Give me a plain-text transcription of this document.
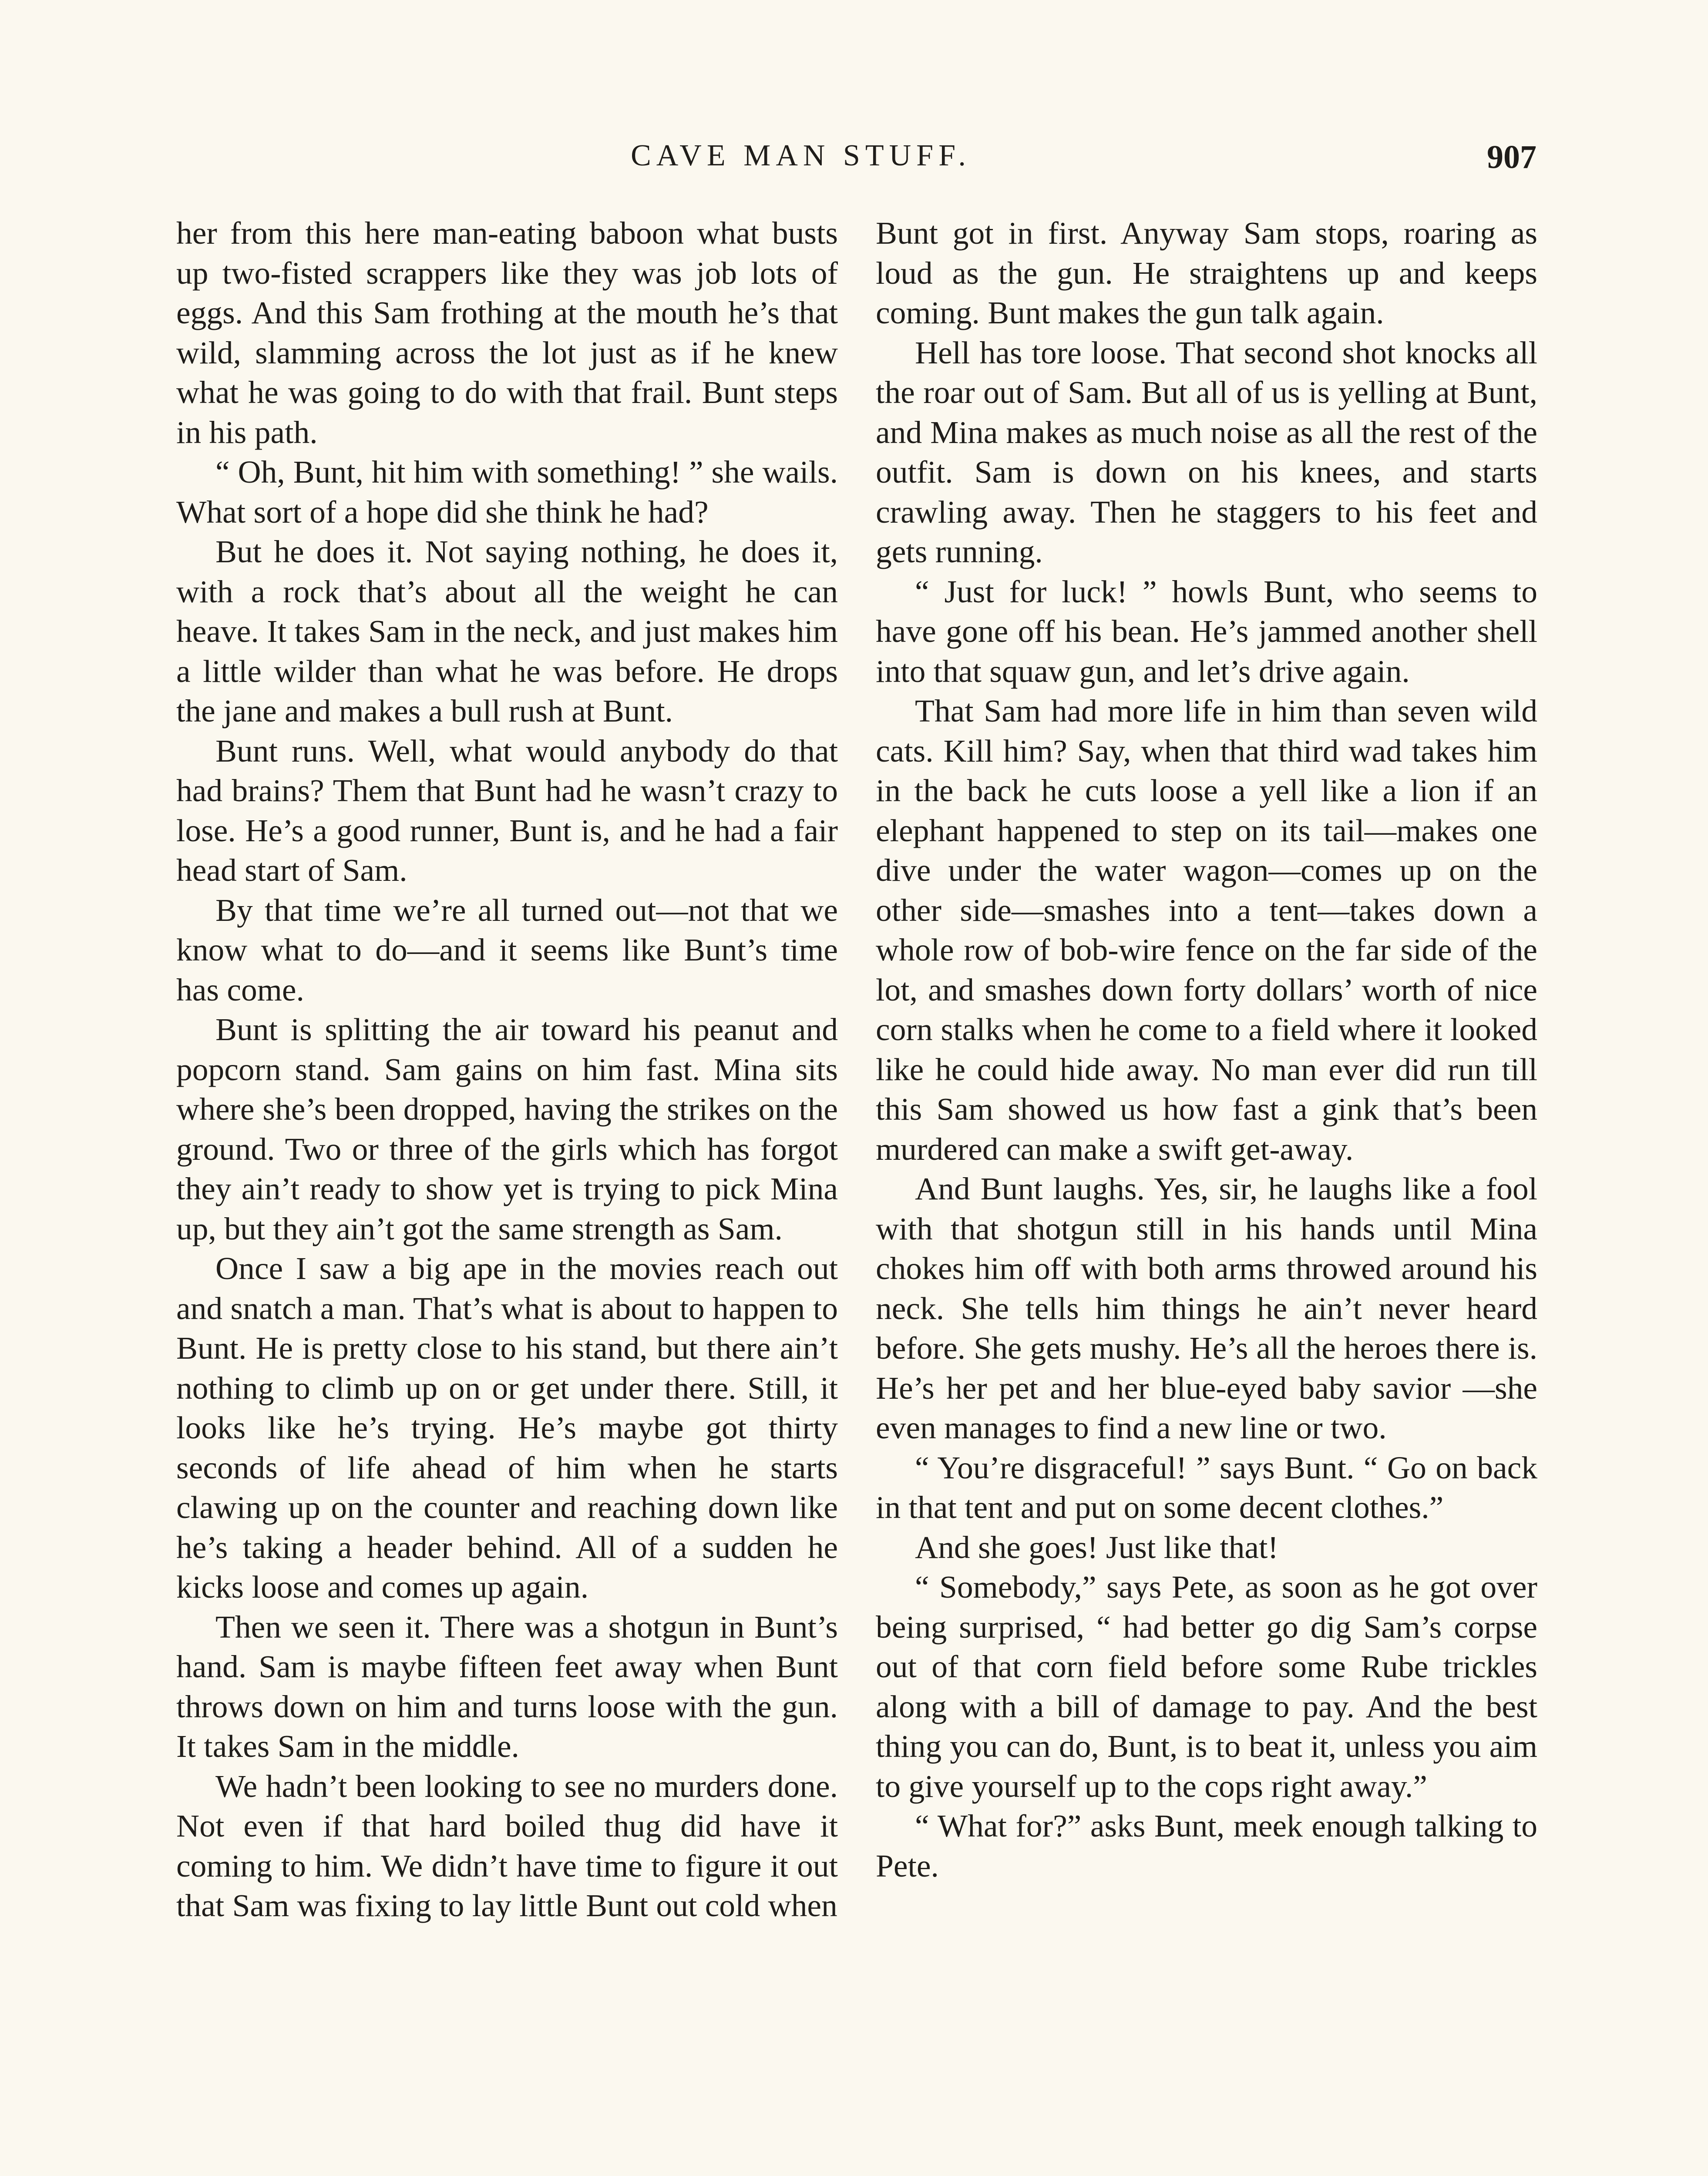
CAVE MAN STUFF.	907

her from this here man-eating baboon what busts up two-fisted scrappers like they was job lots of eggs. And this Sam frothing at the mouth he’s that wild, slamming across the lot just as if he knew what he was going to do with that frail. Bunt steps in his path.

“ Oh, Bunt, hit him with something! ” she wails. What sort of a hope did she think he had?

But he does it. Not saying nothing, he does it, with a rock that’s about all the weight he can heave. It takes Sam in the neck, and just makes him a little wilder than what he was before. He drops the jane and makes a bull rush at Bunt.

Bunt runs. Well, what would anybody do that had brains? Them that Bunt had he wasn’t crazy to lose. He’s a good runner, Bunt is, and he had a fair head start of Sam.

By that time we’re all turned out—not that we know what to do—and it seems like Bunt’s time has come.

Bunt is splitting the air toward his peanut and popcorn stand. Sam gains on him fast. Mina sits where she’s been dropped, having the strikes on the ground. Two or three of the girls which has forgot they ain’t ready to show yet is trying to pick Mina up, but they ain’t got the same strength as Sam.

Once I saw a big ape in the movies reach out and snatch a man. That’s what is about to happen to Bunt. He is pretty close to his stand, but there ain’t nothing to climb up on or get under there. Still, it looks like he’s trying. He’s maybe got thirty seconds of life ahead of him when he starts clawing up on the counter and reaching down like he’s taking a header behind. All of a sudden he kicks loose and comes up again.

Then we seen it. There was a shotgun in Bunt’s hand. Sam is maybe fifteen feet away when Bunt throws down on him and turns loose with the gun. It takes Sam in the middle.

We hadn’t been looking to see no murders done. Not even if that hard boiled thug did have it coming to him. We didn’t have time to figure it out that Sam was fixing to lay little Bunt out cold when

Bunt got in first. Anyway Sam stops, roaring as loud as the gun. He straightens up and keeps coming. Bunt makes the gun talk again.

Hell has tore loose. That second shot knocks all the roar out of Sam. But all of us is yelling at Bunt, and Mina makes as much noise as all the rest of the outfit. Sam is down on his knees, and starts crawling away. Then he staggers to his feet and gets running.

“ Just for luck! ” howls Bunt, who seems to have gone off his bean. He’s jammed another shell into that squaw gun, and let’s drive again.

That Sam had more life in him than seven wild cats. Kill him? Say, when that third wad takes him in the back he cuts loose a yell like a lion if an elephant happened to step on its tail—makes one dive under the water wagon—comes up on the other side—smashes into a tent—takes down a whole row of bob-wire fence on the far side of the lot, and smashes down forty dollars’ worth of nice corn stalks when he come to a field where it looked like he could hide away. No man ever did run till this Sam showed us how fast a gink that’s been murdered can make a swift get-away.

And Bunt laughs. Yes, sir, he laughs like a fool with that shotgun still in his hands until Mina chokes him off with both arms throwed around his neck. She tells him things he ain’t never heard before. She gets mushy. He’s all the heroes there is. He’s her pet and her blue-eyed baby savior —she even manages to find a new line or two.

“ You’re disgraceful! ” says Bunt. “ Go on back in that tent and put on some decent clothes.”

And she goes! Just like that!

“ Somebody,” says Pete, as soon as he got over being surprised, “ had better go dig Sam’s corpse out of that corn field before some Rube trickles along with a bill of damage to pay. And the best thing you can do, Bunt, is to beat it, unless you aim to give yourself up to the cops right away.”

“ What for?” asks Bunt, meek enough talking to Pete.
